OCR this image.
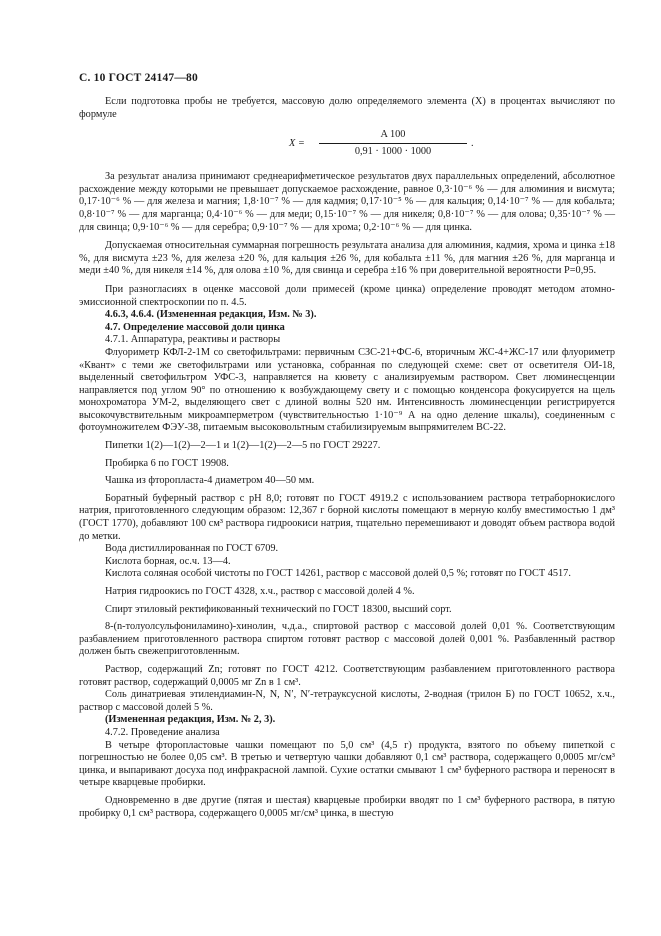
С. 10 ГОСТ 24147—80

Если подготовка пробы не требуется, массовую долю определяемого элемента (X) в процентах вычисляют по формуле

X =
A 100
0,91 · 1000 · 1000
.

За результат анализа принимают среднеарифметическое результатов двух параллельных определений, абсолютное расхождение между которыми не превышает допускаемое расхождение, равное 0,3·10⁻⁶ % — для алюминия и висмута; 0,17·10⁻⁶ % — для железа и магния; 1,8·10⁻⁷ % — для кадмия; 0,17·10⁻⁵ % — для кальция; 0,14·10⁻⁷ % — для кобальта; 0,8·10⁻⁷ % — для марганца; 0,4·10⁻⁶ % — для меди; 0,15·10⁻⁷ % — для никеля; 0,8·10⁻⁷ % — для олова; 0,35·10⁻⁷ % — для свинца; 0,9·10⁻⁶ % — для серебра; 0,9·10⁻⁷ % — для хрома; 0,2·10⁻⁶ % — для цинка.

Допускаемая относительная суммарная погрешность результата анализа для алюминия, кадмия, хрома и цинка ±18 %, для висмута ±23 %, для железа ±20 %, для кальция ±26 %, для кобальта ±11 %, для магния ±26 %, для марганца и меди ±40 %, для никеля ±14 %, для олова ±10 %, для свинца и серебра ±16 % при доверительной вероятности P=0,95.

При разногласиях в оценке массовой доли примесей (кроме цинка) определение проводят методом атомно-эмиссионной спектроскопии по п. 4.5.

4.6.3, 4.6.4. (Измененная редакция, Изм. № 3).

4.7. Определение массовой доли цинка

4.7.1. Аппаратура, реактивы и растворы

Флуориметр КФЛ-2-1М со светофильтрами: первичным СЗС-21+ФС-6, вторичным ЖС-4+ЖС-17 или флуориметр «Квант» с теми же светофильтрами или установка, собранная по следующей схеме: свет от осветителя ОИ-18, выделенный светофильтром УФС-3, направляется на кювету с анализируемым раствором. Свет люминесценции направляется под углом 90° по отношению к возбуждающему свету и с помощью конденсора фокусируется на щель монохроматора УМ-2, выделяющего свет с длиной волны 520 нм. Интенсивность люминесценции регистрируется высокочувствительным микроамперметром (чувствительностью 1·10⁻⁹ А на одно деление шкалы), соединенным с фотоумножителем ФЭУ-38, питаемым высоковольтным стабилизируемым выпрямителем ВС-22.

Пипетки 1(2)—1(2)—2—1 и 1(2)—1(2)—2—5 по ГОСТ 29227.

Пробирка 6 по ГОСТ 19908.

Чашка из фторопласта-4 диаметром 40—50 мм.

Боратный буферный раствор с pH 8,0; готовят по ГОСТ 4919.2 с использованием раствора тетраборнокислого натрия, приготовленного следующим образом: 12,367 г борной кислоты помещают в мерную колбу вместимостью 1 дм³ (ГОСТ 1770), добавляют 100 см³ раствора гидроокиси натрия, тщательно перемешивают и доводят объем раствора водой до метки.

Вода дистиллированная по ГОСТ 6709.

Кислота борная, ос.ч. 13—4.

Кислота соляная особой чистоты по ГОСТ 14261, раствор с массовой долей 0,5 %; готовят по ГОСТ 4517.

Натрия гидроокись по ГОСТ 4328, х.ч., раствор с массовой долей 4 %.

Спирт этиловый ректификованный технический по ГОСТ 18300, высший сорт.

8-(n-толуолсульфониламино)-хинолин, ч.д.а., спиртовой раствор с массовой долей 0,01 %. Соответствующим разбавлением приготовленного раствора спиртом готовят раствор с массовой долей 0,001 %. Разбавленный раствор должен быть свежеприготовленным.

Раствор, содержащий Zn; готовят по ГОСТ 4212. Соответствующим разбавлением приготовленного раствора готовят раствор, содержащий 0,0005 мг Zn в 1 см³.

Соль динатриевая этилендиамин-N, N, N′, N′-тетрауксусной кислоты, 2-водная (трилон Б) по ГОСТ 10652, х.ч., раствор с массовой долей 5 %.

(Измененная редакция, Изм. № 2, 3).

4.7.2. Проведение анализа

В четыре фторопластовые чашки помещают по 5,0 см³ (4,5 г) продукта, взятого по объему пипеткой с погрешностью не более 0,05 см³. В третью и четвертую чашки добавляют 0,1 см³ раствора, содержащего 0,0005 мг/см³ цинка, и выпаривают досуха под инфракрасной лампой. Сухие остатки смывают 1 см³ буферного раствора и переносят в четыре кварцевые пробирки.

Одновременно в две другие (пятая и шестая) кварцевые пробирки вводят по 1 см³ буферного раствора, в пятую пробирку 0,1 см³ раствора, содержащего 0,0005 мг/см³ цинка, в шестую
